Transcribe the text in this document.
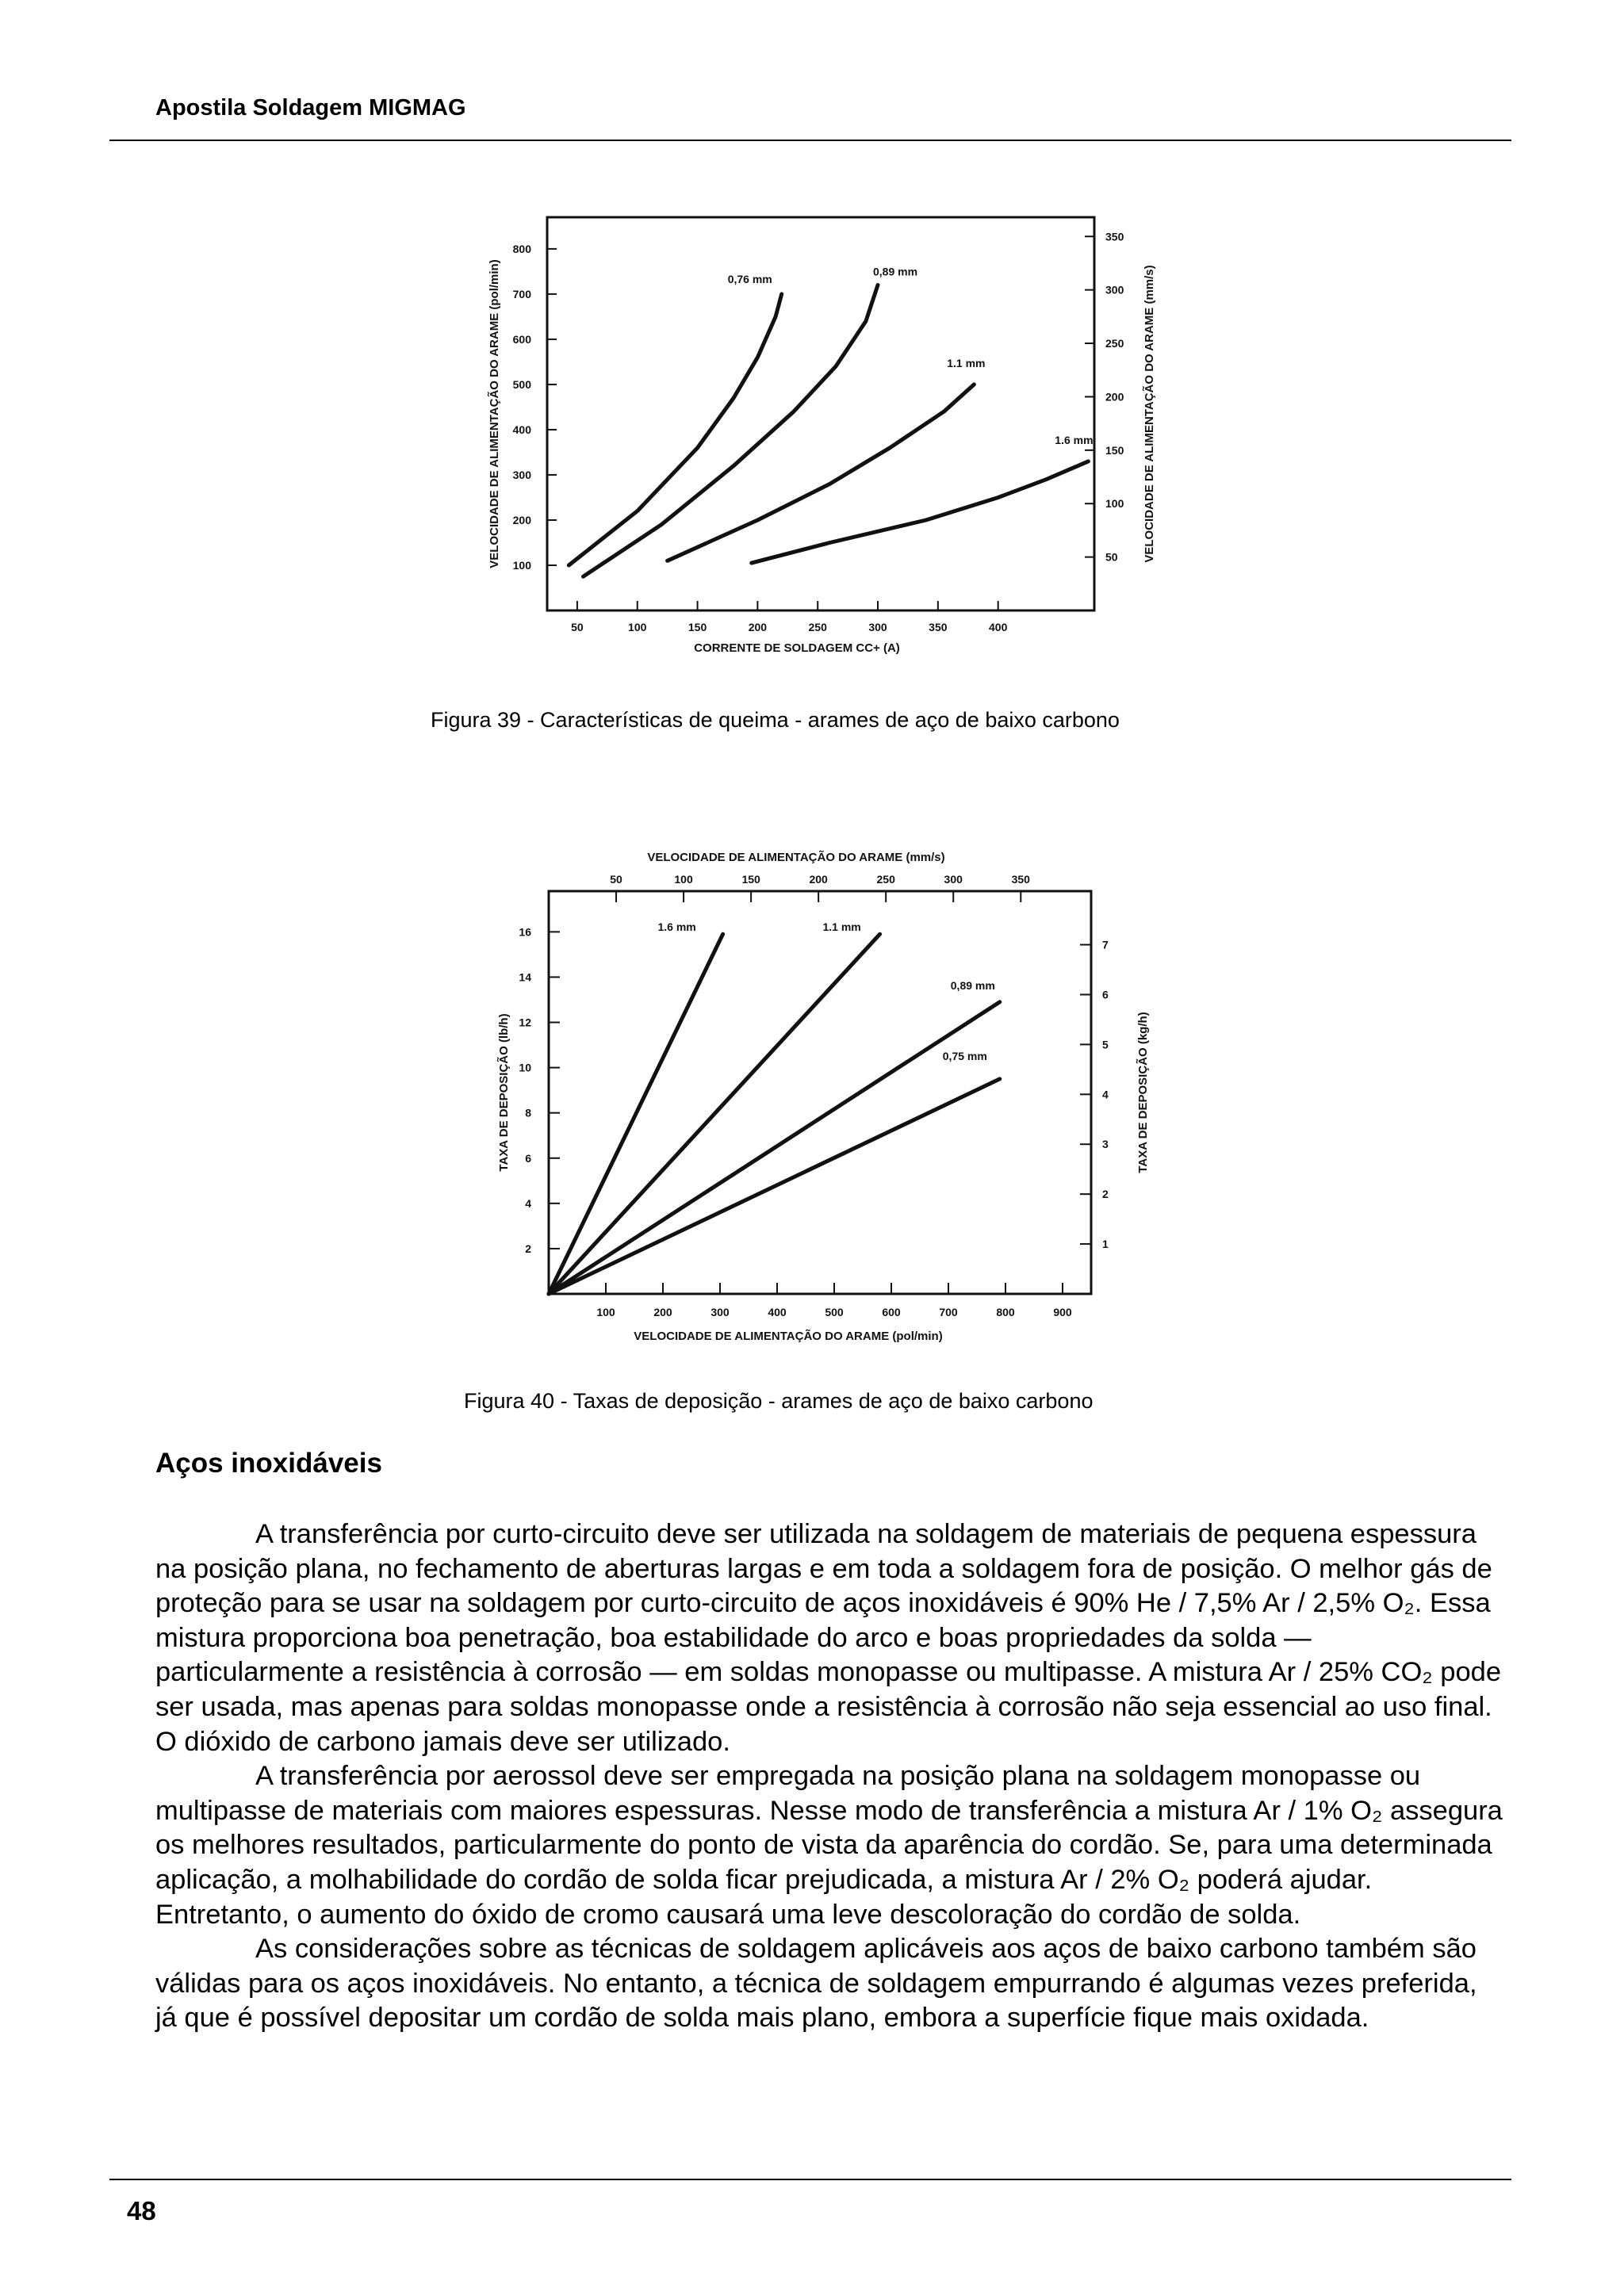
Apostila Soldagem MIGMAG
50	100	150	200	250	300	350	400
100
200
300
400
500
600
700
800
50
100
150
200
250
300
350
CORRENTE DE SOLDAGEM CC+ (A)
VELOCIDADE DE ALIMENTAÇÃO DO ARAME (pol/min)	VELOCIDADE DE ALIMENTAÇÃO DO ARAME (mm/s)
0,76 mm
0,89 mm
1.1 mm
1.6 mm
Figura 39 - Características de queima - arames de aço de baixo carbono
100	200	300	400	500	600	700	800	900
2
4
6
8
10
12
14
16
50	100	150	200	250	300	350
1
2
3
4
5
6
7
VELOCIDADE DE ALIMENTAÇÃO DO ARAME (mm/s)
VELOCIDADE DE ALIMENTAÇÃO DO ARAME (pol/min)
TAXA DE DEPOSIÇÃO (lb/h)	TAXA DE DEPOSIÇÃO (kg/h)
1.6 mm	1.1 mm
0,89 mm
0,75 mm
Figura 40 - Taxas de deposição - arames de aço de baixo carbono
Aços inoxidáveis

A transferência por curto-circuito deve ser utilizada na soldagem de materiais de pequena espessura na posição plana, no fechamento de aberturas largas e em toda a soldagem fora de posição. O melhor gás de proteção para se usar na soldagem por curto-circuito de aços inoxidáveis é 90% He / 7,5% Ar / 2,5% O₂. Essa mistura proporciona boa penetração, boa estabilidade do arco e boas propriedades da solda — particularmente a resistência à corrosão — em soldas monopasse ou multipasse. A mistura Ar / 25% CO₂ pode ser usada, mas apenas para soldas monopasse onde a resistência à corrosão não seja essencial ao uso final. O dióxido de carbono jamais deve ser utilizado.

A transferência por aerossol deve ser empregada na posição plana na soldagem monopasse ou multipasse de materiais com maiores espessuras. Nesse modo de transferência a mistura Ar / 1% O₂ assegura os melhores resultados, particularmente do ponto de vista da aparência do cordão. Se, para uma determinada aplicação, a molhabilidade do cordão de solda ficar prejudicada, a mistura Ar / 2% O₂ poderá ajudar. Entretanto, o aumento do óxido de cromo causará uma leve descoloração do cordão de solda.

As considerações sobre as técnicas de soldagem aplicáveis aos aços de baixo carbono também são válidas para os aços inoxidáveis. No entanto, a técnica de soldagem empurrando é algumas vezes preferida, já que é possível depositar um cordão de solda mais plano, embora a superfície fique mais oxidada.

48
